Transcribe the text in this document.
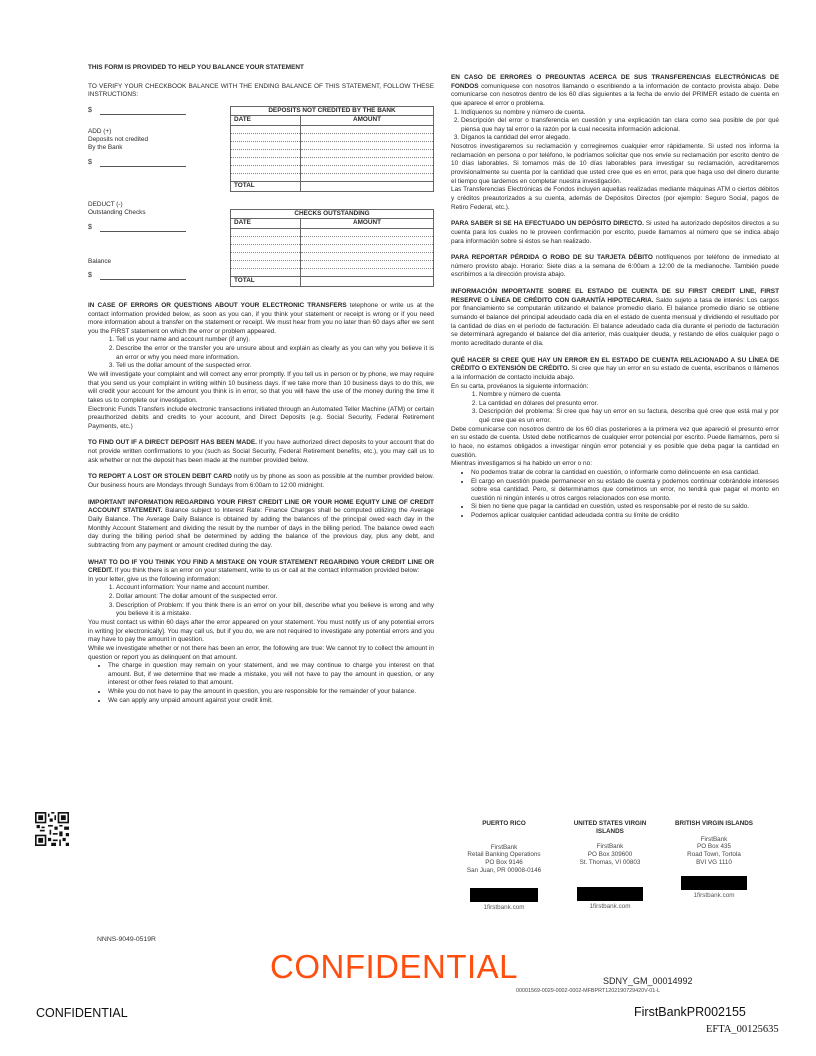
THIS FORM IS PROVIDED TO HELP YOU BALANCE YOUR STATEMENT
TO VERIFY YOUR CHECKBOOK BALANCE WITH THE ENDING BALANCE OF THIS STATEMENT, FOLLOW THESE INSTRUCTIONS:
$
ADD (+)
Deposits not credited
By the Bank
$
DEDUCT (-)
Outstanding Checks
$
Balance
$
DEPOSITS NOT CREDITED BY THE BANK	
DATE	AMOUNT

TOTAL	
CHECKS OUTSTANDING	
DATE	AMOUNT

TOTAL	

IN CASE OF ERRORS OR QUESTIONS ABOUT YOUR ELECTRONIC TRANSFERS telephone or write us at the contact information provided below, as soon as you can, if you think your statement or receipt is wrong or if you need more information about a transfer on the statement or receipt. We must hear from you no later than 60 days after we sent you the FIRST statement on which the error or problem appeared.

1. Tell us your name and account number (if any).
2. Describe the error or the transfer you are unsure about and explain as clearly as you can why you believe it is an error or why you need more information.
3. Tell us the dollar amount of the suspected error.

We will investigate your complaint and will correct any error promptly. If you tell us in person or by phone, we may require that you send us your complaint in writing within 10 business days. If we take more than 10 business days to do this, we will credit your account for the amount you think is in error, so that you will have the use of the money during the time it takes us to complete our investigation.

Electronic Funds Transfers include electronic transactions initiated through an Automated Teller Machine (ATM) or certain preauthorized debits and credits to your account, and Direct Deposits (e.g. Social Security, Federal Retirement Payments, etc.)

TO FIND OUT IF A DIRECT DEPOSIT HAS BEEN MADE. If you have authorized direct deposits to your account that do not provide written confirmations to you (such as Social Security, Federal Retirement benefits, etc.), you may call us to ask whether or not the deposit has been made at the number provided below.

TO REPORT A LOST OR STOLEN DEBIT CARD notify us by phone as soon as possible at the number provided below. Our business hours are Mondays through Sundays from 6:00am to 12:00 midnight.

IMPORTANT INFORMATION REGARDING YOUR FIRST CREDIT LINE OR YOUR HOME EQUITY LINE OF CREDIT ACCOUNT STATEMENT. Balance subject to Interest Rate: Finance Charges shall be computed utilizing the Average Daily Balance. The Average Daily Balance is obtained by adding the balances of the principal owed each day in the Monthly Account Statement and dividing the result by the number of days in the billing period. The balance owed each day during the billing period shall be determined by adding the balance of the previous day, plus any debt, and subtracting from any payment or amount credited during the day.

WHAT TO DO IF YOU THINK YOU FIND A MISTAKE ON YOUR STATEMENT REGARDING YOUR CREDIT LINE OR CREDIT. If you think there is an error on your statement, write to us or call at the contact information provided below:

In your letter, give us the following information:

1. Account information: Your name and account number.
2. Dollar amount: The dollar amount of the suspected error.
3. Description of Problem: If you think there is an error on your bill, describe what you believe is wrong and why you believe it is a mistake.

You must contact us within 60 days after the error appeared on your statement. You must notify us of any potential errors in writing [or electronically]. You may call us, but if you do, we are not required to investigate any potential errors and you may have to pay the amount in question.

While we investigate whether or not there has been an error, the following are true: We cannot try to collect the amount in question or report you as delinquent on that amount.

• The charge in question may remain on your statement, and we may continue to charge you interest on that amount. But, if we determine that we made a mistake, you will not have to pay the amount in question, or any interest or other fees related to that amount.
• While you do not have to pay the amount in question, you are responsible for the remainder of your balance.
• We can apply any unpaid amount against your credit limit.

EN CASO DE ERRORES O PREGUNTAS ACERCA DE SUS TRANSFERENCIAS ELECTRÓNICAS DE FONDOS comuníquese con nosotros llamando o escribiendo a la información de contacto provista abajo. Debe comunicarse con nosotros dentro de los 60 días siguientes a la fecha de envío del PRIMER estado de cuenta en que aparece el error o problema.

1. Indíquenos su nombre y número de cuenta.
2. Descripción del error o transferencia en cuestión y una explicación tan clara como sea posible de por qué piensa que hay tal error o la razón por la cual necesita información adicional.
3. Díganos la cantidad del error alegado.

Nosotros investigaremos su reclamación y corregiremos cualquier error rápidamente. Si usted nos informa la reclamación en persona o por teléfono, le podríamos solicitar que nos envíe su reclamación por escrito dentro de 10 días laborables. Si tomamos más de 10 días laborables para investigar su reclamación, acreditaremos provisionalmente su cuenta por la cantidad que usted cree que es en error, para que haga uso del dinero durante el tiempo que tardemos en completar nuestra investigación.

Las Transferencias Electrónicas de Fondos incluyen aquellas realizadas mediante máquinas ATM o ciertos débitos y créditos preautorizados a su cuenta, además de Depósitos Directos (por ejemplo: Seguro Social, pagos de Retiro Federal, etc.).

PARA SABER SI SE HA EFECTUADO UN DEPÓSITO DIRECTO. Si usted ha autorizado depósitos directos a su cuenta para los cuales no le proveen confirmación por escrito, puede llamarnos al número que se indica abajo para información sobre si éstos se han realizado.

PARA REPORTAR PÉRDIDA O ROBO DE SU TARJETA DÉBITO notifíquenos por teléfono de inmediato al número provisto abajo. Horario: Siete días a la semana de 6:00am a 12:00 de la medianoche. También puede escribirnos a la dirección provista abajo.

INFORMACIÓN IMPORTANTE SOBRE EL ESTADO DE CUENTA DE SU FIRST CREDIT LINE, FIRST RESERVE O LÍNEA DE CRÉDITO CON GARANTÍA HIPOTECARIA. Saldo sujeto a tasa de interés: Los cargos por financiamiento se computarán utilizando el balance promedio diario. El balance promedio diario se obtiene sumando el balance del principal adeudado cada día en el estado de cuenta mensual y dividiendo el resultado por la cantidad de días en el período de facturación. El balance adeudado cada día durante el período de facturación se determinará agregando el balance del día anterior, más cualquier deuda, y restando de ellos cualquier pago o monto acreditado durante el día.

QUÉ HACER SI CREE QUE HAY UN ERROR EN EL ESTADO DE CUENTA RELACIONADO A SU LÍNEA DE CRÉDITO O EXTENSIÓN DE CRÉDITO. Si cree que hay un error en su estado de cuenta, escríbanos o llámenos a la información de contacto incluida abajo.

En su carta, provéanos la siguiente información:

1. Nombre y número de cuenta
2. La cantidad en dólares del presunto error.
3. Descripción del problema: Si cree que hay un error en su factura, describa qué cree que está mal y por qué cree que es un error.

Debe comunicarse con nosotros dentro de los 60 días posteriores a la primera vez que apareció el presunto error en su estado de cuenta. Usted debe notificarnos de cualquier error potencial por escrito. Puede llamarnos, pero si lo hace, no estamos obligados a investigar ningún error potencial y es posible que deba pagar la cantidad en cuestión.

Mientras investigamos si ha habido un error o no:

• No podemos tratar de cobrar la cantidad en cuestión, o informarle como delincuente en esa cantidad.
• El cargo en cuestión puede permanecer en su estado de cuenta y podemos continuar cobrándole intereses sobre esa cantidad. Pero, si determinamos que cometimos un error, no tendrá que pagar el monto en cuestión ni ningún interés u otros cargos relacionados con ese monto.
• Si bien no tiene que pagar la cantidad en cuestión, usted es responsable por el resto de su saldo.
• Podemos aplicar cualquier cantidad adeudada contra su límite de crédito
PUERTO RICO
FirstBank
Retail Banking Operations
PO Box 9146
San Juan, PR 00908-0146
1firstbank.com
UNITED STATES VIRGIN ISLANDS
FirstBank
PO Box 309600
St. Thomas, VI 00803
1firstbank.com
BRITISH VIRGIN ISLANDS
FirstBank
PO Box 435
Road Town, Tortola
BVI VG 1110
1firstbank.com
NNNS-9049-0519R
CONFIDENTIAL	SDNY_GM_00014992
00001569-0029-0002-0002-MFBPRT1202190729420V-01-L
CONFIDENTIAL	FirstBankPR002155
EFTA_00125635
